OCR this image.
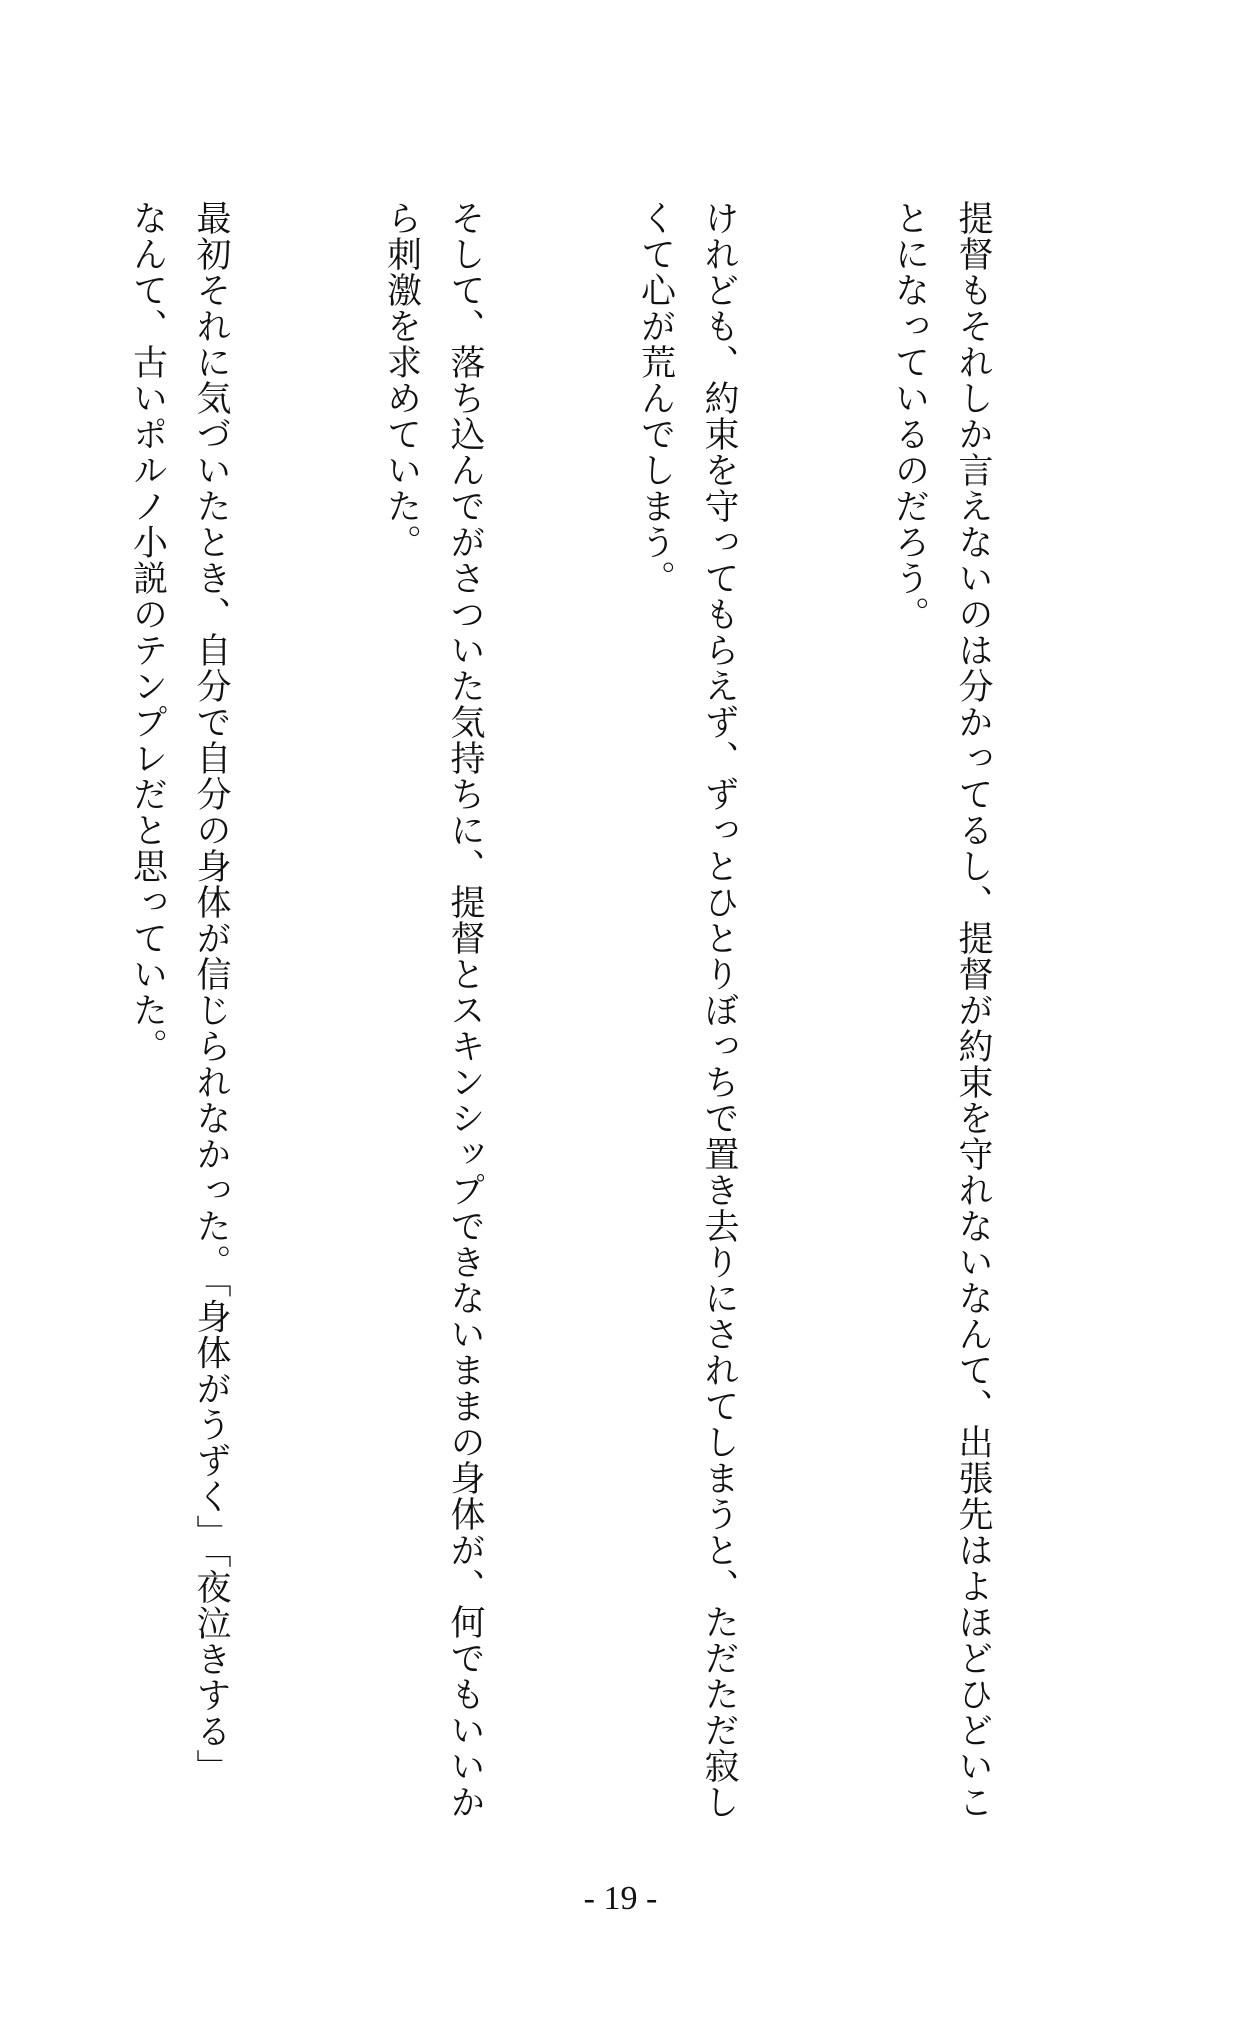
提督もそれしか言えないのは分かってるし、提督が約束を守れないなんて、出張先はよほどひどいことになっているのだろう。

けれども、約束を守ってもらえず、ずっとひとりぼっちで置き去りにされてしまうと、ただただ寂しくて心が荒んでしまう。

そして、落ち込んでがさついた気持ちに、提督とスキンシップできないままの身体が、何でもいいから刺激を求めていた。

最初それに気づいたとき、自分で自分の身体が信じられなかった。「身体がうずく」「夜泣きする」なんて、古いポルノ小説のテンプレだと思っていた。

- 19 -
